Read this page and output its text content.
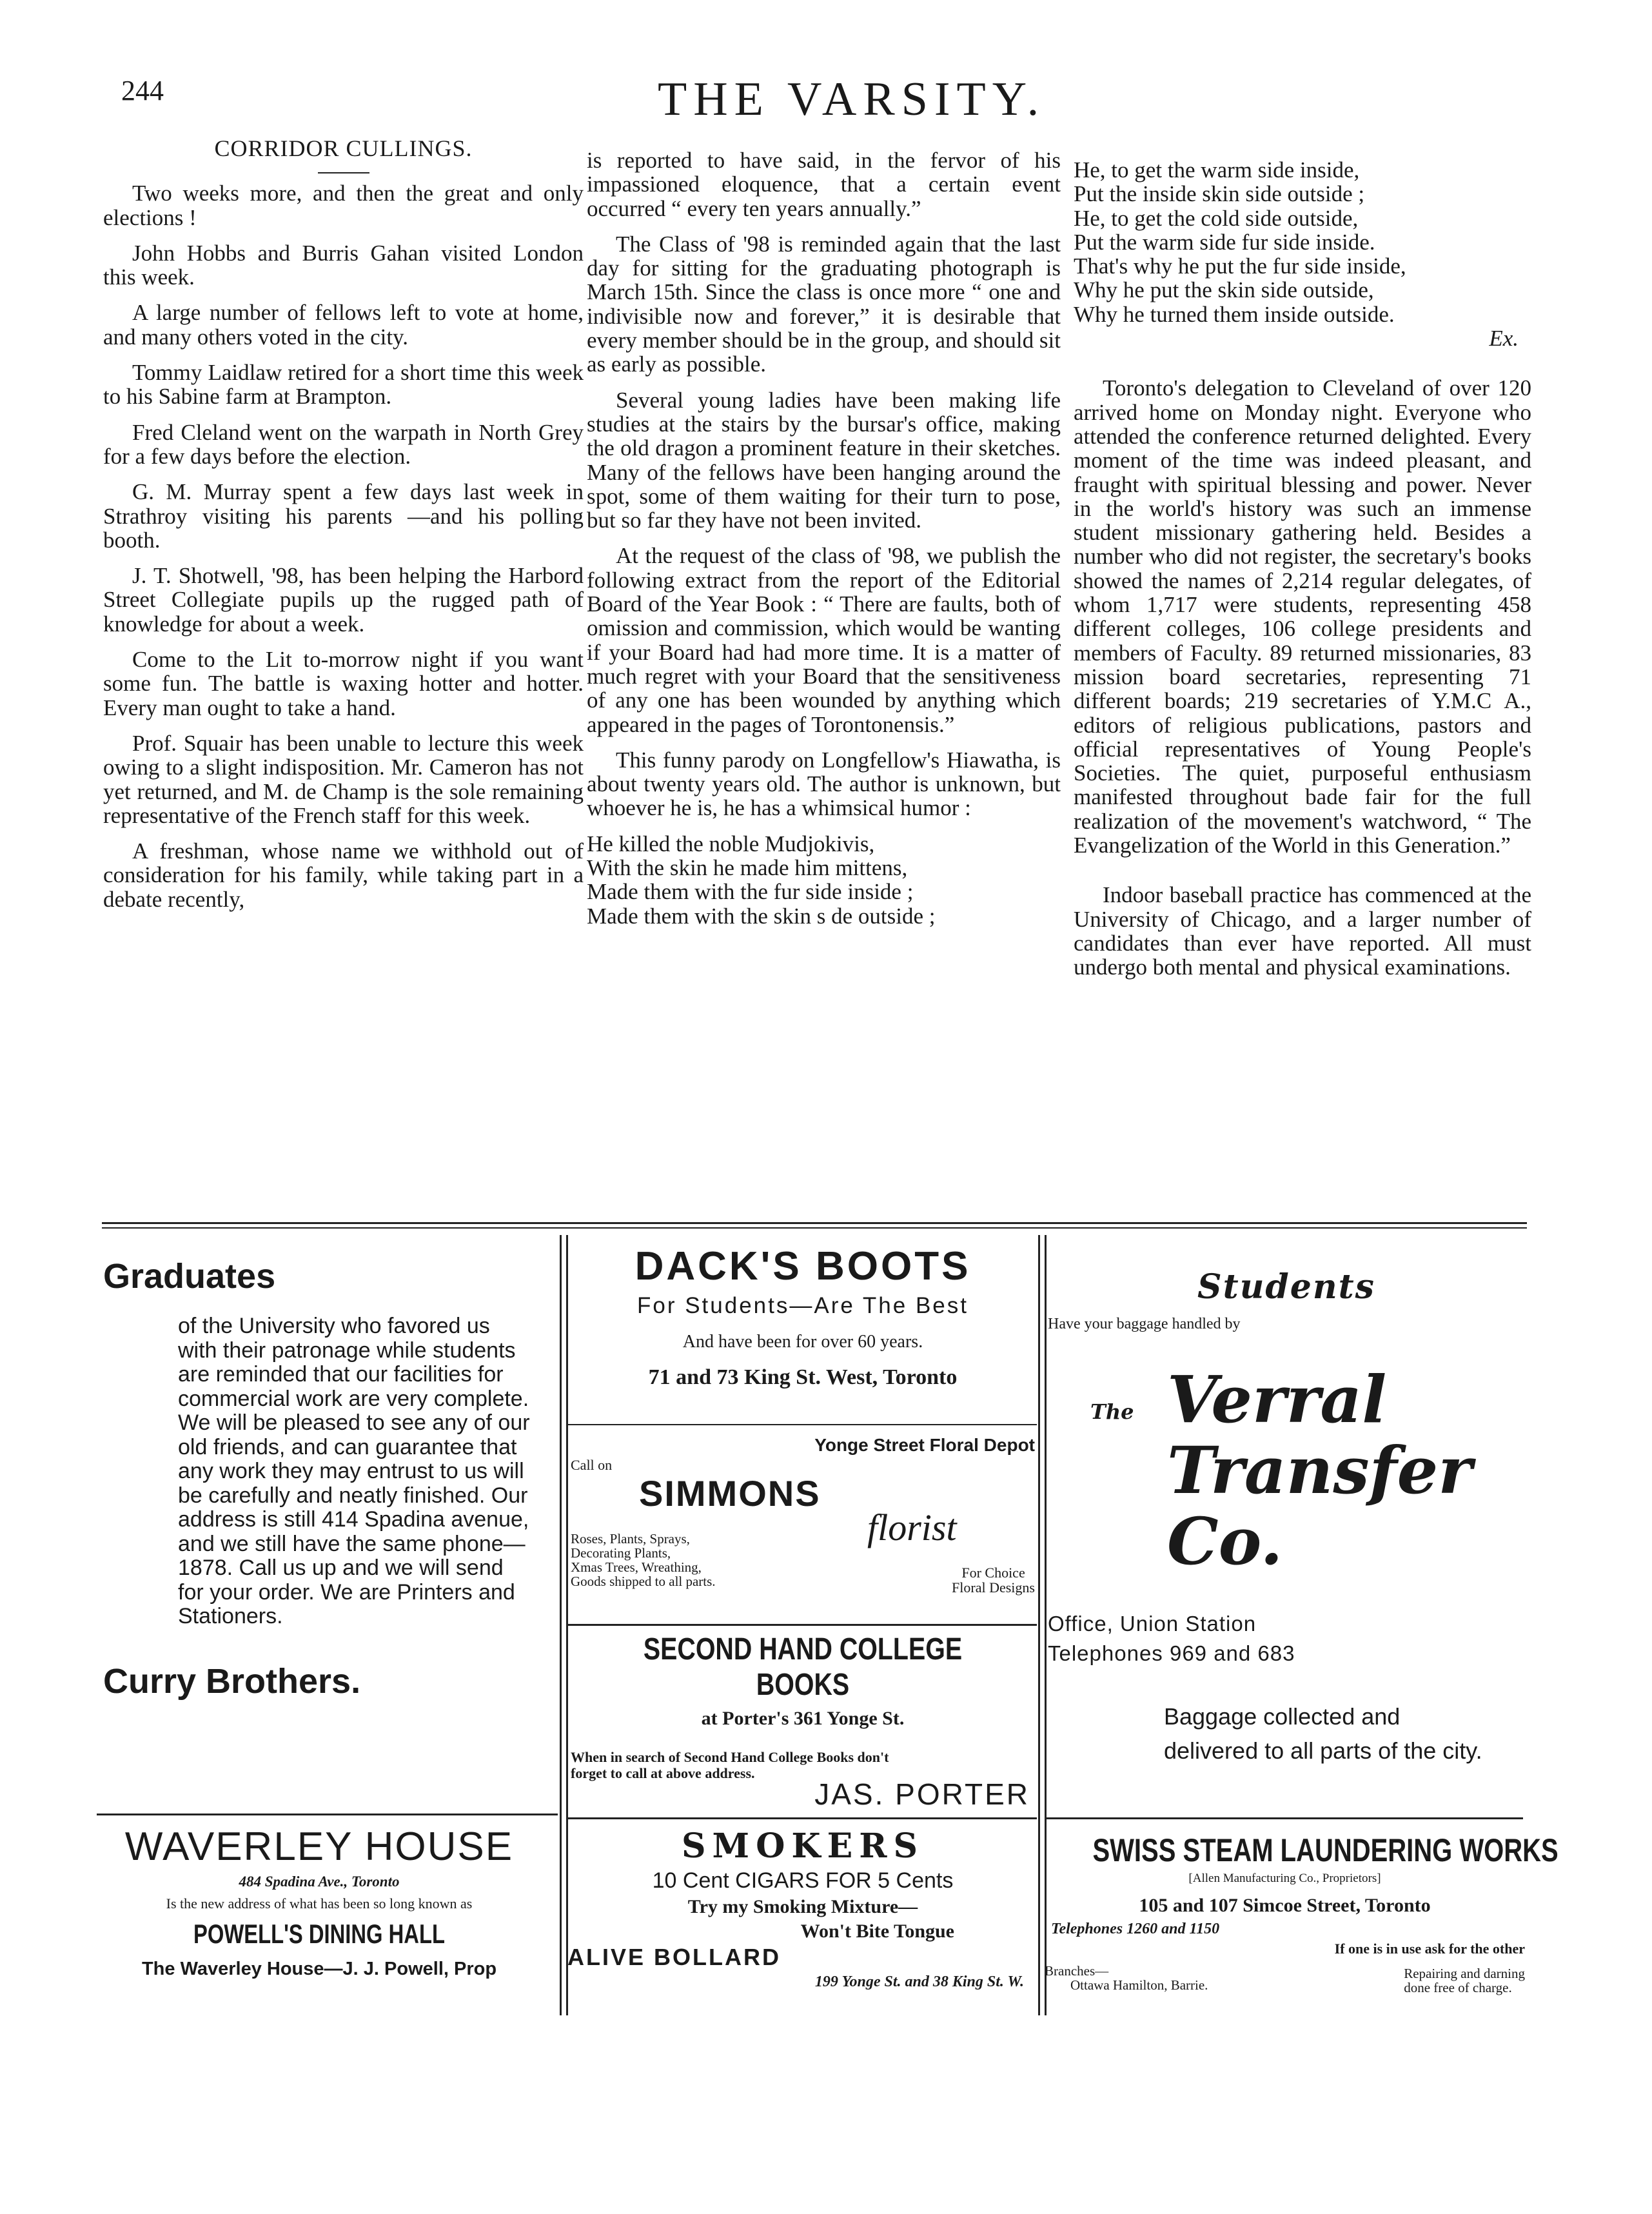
244	THE VARSITY.

CORRIDOR CULLINGS.

Two weeks more, and then the great and only elections !

John Hobbs and Burris Gahan visited London this week.

A large number of fellows left to vote at home, and many others voted in the city.

Tommy Laidlaw retired for a short time this week to his Sabine farm at Brampton.

Fred Cleland went on the warpath in North Grey for a few days before the election.

G. M. Murray spent a few days last week in Strathroy visiting his parents —and his polling booth.

J. T. Shotwell, '98, has been helping the Harbord Street Collegiate pupils up the rugged path of knowledge for about a week.

Come to the Lit to-morrow night if you want some fun. The battle is waxing hotter and hotter. Every man ought to take a hand.

Prof. Squair has been unable to lecture this week owing to a slight indisposition. Mr. Cameron has not yet returned, and M. de Champ is the sole remaining representative of the French staff for this week.

A freshman, whose name we withhold out of consideration for his family, while taking part in a debate recently,

is reported to have said, in the fervor of his impassioned eloquence, that a certain event occurred “ every ten years annually.”

The Class of '98 is reminded again that the last day for sitting for the graduating photograph is March 15th. Since the class is once more “ one and indivisible now and forever,” it is desirable that every member should be in the group, and should sit as early as possible.

Several young ladies have been making life studies at the stairs by the bursar's office, making the old dragon a prominent feature in their sketches. Many of the fellows have been hanging around the spot, some of them waiting for their turn to pose, but so far they have not been invited.

At the request of the class of '98, we publish the following extract from the report of the Editorial Board of the Year Book : “ There are faults, both of omission and commission, which would be wanting if your Board had had more time. It is a matter of much regret with your Board that the sensitiveness of any one has been wounded by anything which appeared in the pages of Torontonensis.”

This funny parody on Longfellow's Hiawatha, is about twenty years old. The author is unknown, but whoever he is, he has a whimsical humor :

He killed the noble Mudjokivis,

With the skin he made him mittens,

Made them with the fur side inside ;

Made them with the skin s de outside ;

He, to get the warm side inside,

Put the inside skin side outside ;

He, to get the cold side outside,

Put the warm side fur side inside.

That's why he put the fur side inside,

Why he put the skin side outside,

Why he turned them inside outside.

Ex.

Toronto's delegation to Cleveland of over 120 arrived home on Monday night. Everyone who attended the conference returned delighted. Every moment of the time was indeed pleasant, and fraught with spiritual blessing and power. Never in the world's history was such an immense student missionary gathering held. Besides a number who did not register, the secretary's books showed the names of 2,214 regular delegates, of whom 1,717 were students, representing 458 different colleges, 106 college presidents and members of Faculty. 89 returned missionaries, 83 mission board secretaries, representing 71 different boards; 219 secretaries of Y.M.C A., editors of religious publications, pastors and official representatives of Young People's Societies. The quiet, purposeful enthusiasm manifested throughout bade fair for the full realization of the movement's watchword, “ The Evangelization of the World in this Generation.”

Indoor baseball practice has commenced at the University of Chicago, and a larger number of candidates than ever have reported. All must undergo both mental and physical examinations.

Graduates
of the University who favored us with their patronage while students are reminded that our facilities for commercial work are very complete. We will be pleased to see any of our old friends, and can guarantee that any work they may entrust to us will be carefully and neatly finished. Our address is still 414 Spadina avenue, and we still have the same phone— 1878. Call us up and we will send for your order. We are Printers and Stationers.
Curry Brothers.
DACK'S BOOTS
For Students—Are The Best
And have been for over 60 years.
71 and 73 King St. West, Toronto
Yonge Street Floral Depot
Call on
SIMMONS
florist
Roses, Plants, Sprays,
Decorating Plants,
Xmas Trees, Wreathing,
Goods shipped to all parts.
For Choice
Floral Designs
SECOND HAND COLLEGE BOOKS
at Porter's 361 Yonge St.
When in search of Second Hand College Books don't
forget to call at above address.
JAS. PORTER
Students
Have your baggage handled by
The Verral
Transfer
Co.
Office, Union Station
Telephones 969 and 683
Baggage collected and delivered to all parts of the city.
WAVERLEY HOUSE
484 Spadina Ave., Toronto
Is the new address of what has been so long known as
POWELL'S DINING HALL
The Waverley House—J. J. Powell, Prop
SMOKERS
10 Cent CIGARS FOR 5 Cents
Try my Smoking Mixture—
Won't Bite Tongue
ALIVE BOLLARD
199 Yonge St. and 38 King St. W.
SWISS STEAM LAUNDERING WORKS
[Allen Manufacturing Co., Proprietors]
105 and 107 Simcoe Street, Toronto
Telephones 1260 and 1150
If one is in use ask for the other
Branches—
Ottawa Hamilton, Barrie.
Repairing and darning
done free of charge.
